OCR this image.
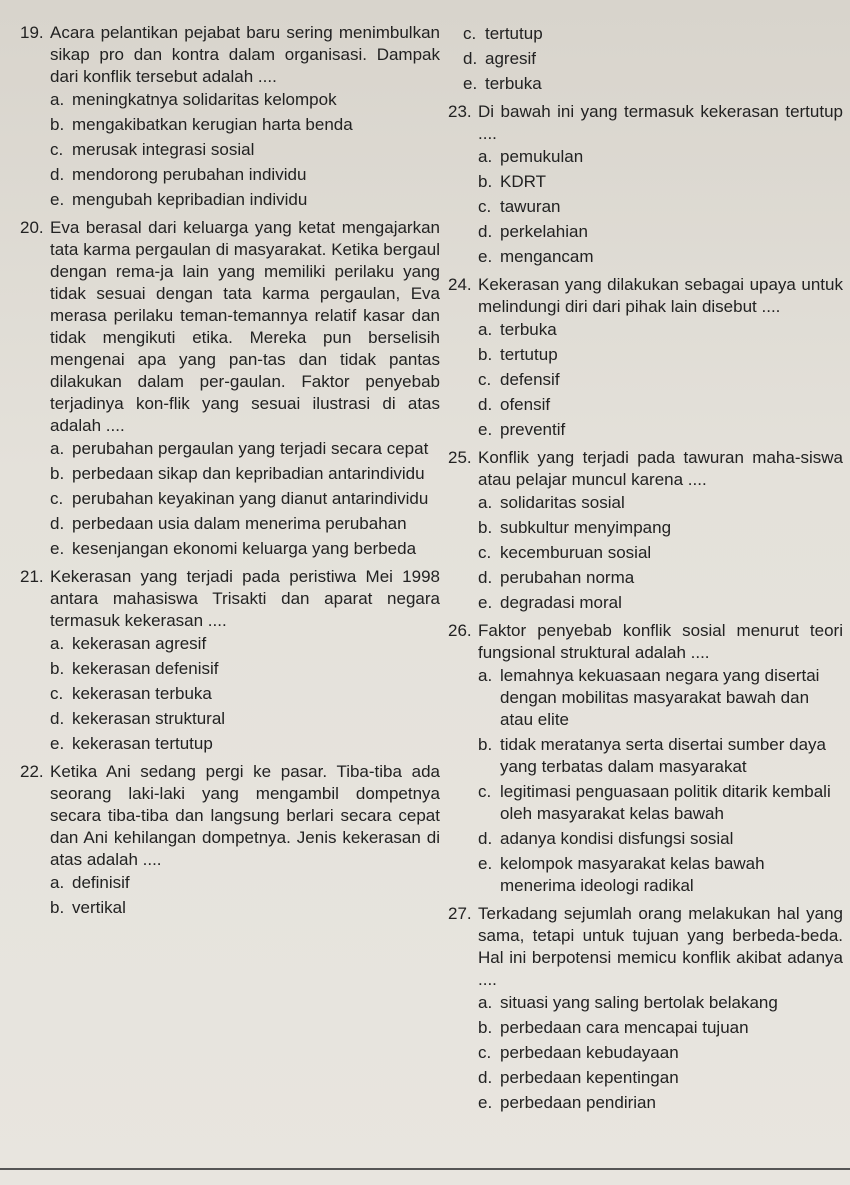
19. Acara pelantikan pejabat baru sering menimbulkan sikap pro dan kontra dalam organisasi. Dampak dari konflik tersebut adalah ....
a. meningkatnya solidaritas kelompok
b. mengakibatkan kerugian harta benda
c. merusak integrasi sosial
d. mendorong perubahan individu
e. mengubah kepribadian individu
20. Eva berasal dari keluarga yang ketat mengajarkan tata karma pergaulan di masyarakat. Ketika bergaul dengan rema-ja lain yang memiliki perilaku yang tidak sesuai dengan tata karma pergaulan, Eva merasa perilaku teman-temannya relatif kasar dan tidak mengikuti etika. Mereka pun berselisih mengenai apa yang pan-tas dan tidak pantas dilakukan dalam per-gaulan. Faktor penyebab terjadinya kon-flik yang sesuai ilustrasi di atas adalah ....
a. perubahan pergaulan yang terjadi secara cepat
b. perbedaan sikap dan kepribadian antarindividu
c. perubahan keyakinan yang dianut antarindividu
d. perbedaan usia dalam menerima perubahan
e. kesenjangan ekonomi keluarga yang berbeda
21. Kekerasan yang terjadi pada peristiwa Mei 1998 antara mahasiswa Trisakti dan aparat negara termasuk kekerasan ....
a. kekerasan agresif
b. kekerasan defenisif
c. kekerasan terbuka
d. kekerasan struktural
e. kekerasan tertutup
22. Ketika Ani sedang pergi ke pasar. Tiba-tiba ada seorang laki-laki yang mengambil dompetnya secara tiba-tiba dan langsung berlari secara cepat dan Ani kehilangan dompetnya. Jenis kekerasan di atas adalah ....
a. definisif
b. vertikal
c. tertutup
d. agresif
e. terbuka
23. Di bawah ini yang termasuk kekerasan tertutup ....
a. pemukulan
b. KDRT
c. tawuran
d. perkelahian
e. mengancam
24. Kekerasan yang dilakukan sebagai upaya untuk melindungi diri dari pihak lain disebut ....
a. terbuka
b. tertutup
c. defensif
d. ofensif
e. preventif
25. Konflik yang terjadi pada tawuran maha-siswa atau pelajar muncul karena ....
a. solidaritas sosial
b. subkultur menyimpang
c. kecemburuan sosial
d. perubahan norma
e. degradasi moral
26. Faktor penyebab konflik sosial menurut teori fungsional struktural adalah ....
a. lemahnya kekuasaan negara yang disertai dengan mobilitas masyarakat bawah dan atau elite
b. tidak meratanya serta disertai sumber daya yang terbatas dalam masyarakat
c. legitimasi penguasaan politik ditarik kembali oleh masyarakat kelas bawah
d. adanya kondisi disfungsi sosial
e. kelompok masyarakat kelas bawah menerima ideologi radikal
27. Terkadang sejumlah orang melakukan hal yang sama, tetapi untuk tujuan yang berbeda-beda. Hal ini berpotensi memicu konflik akibat adanya ....
a. situasi yang saling bertolak belakang
b. perbedaan cara mencapai tujuan
c. perbedaan kebudayaan
d. perbedaan kepentingan
e. perbedaan pendirian
